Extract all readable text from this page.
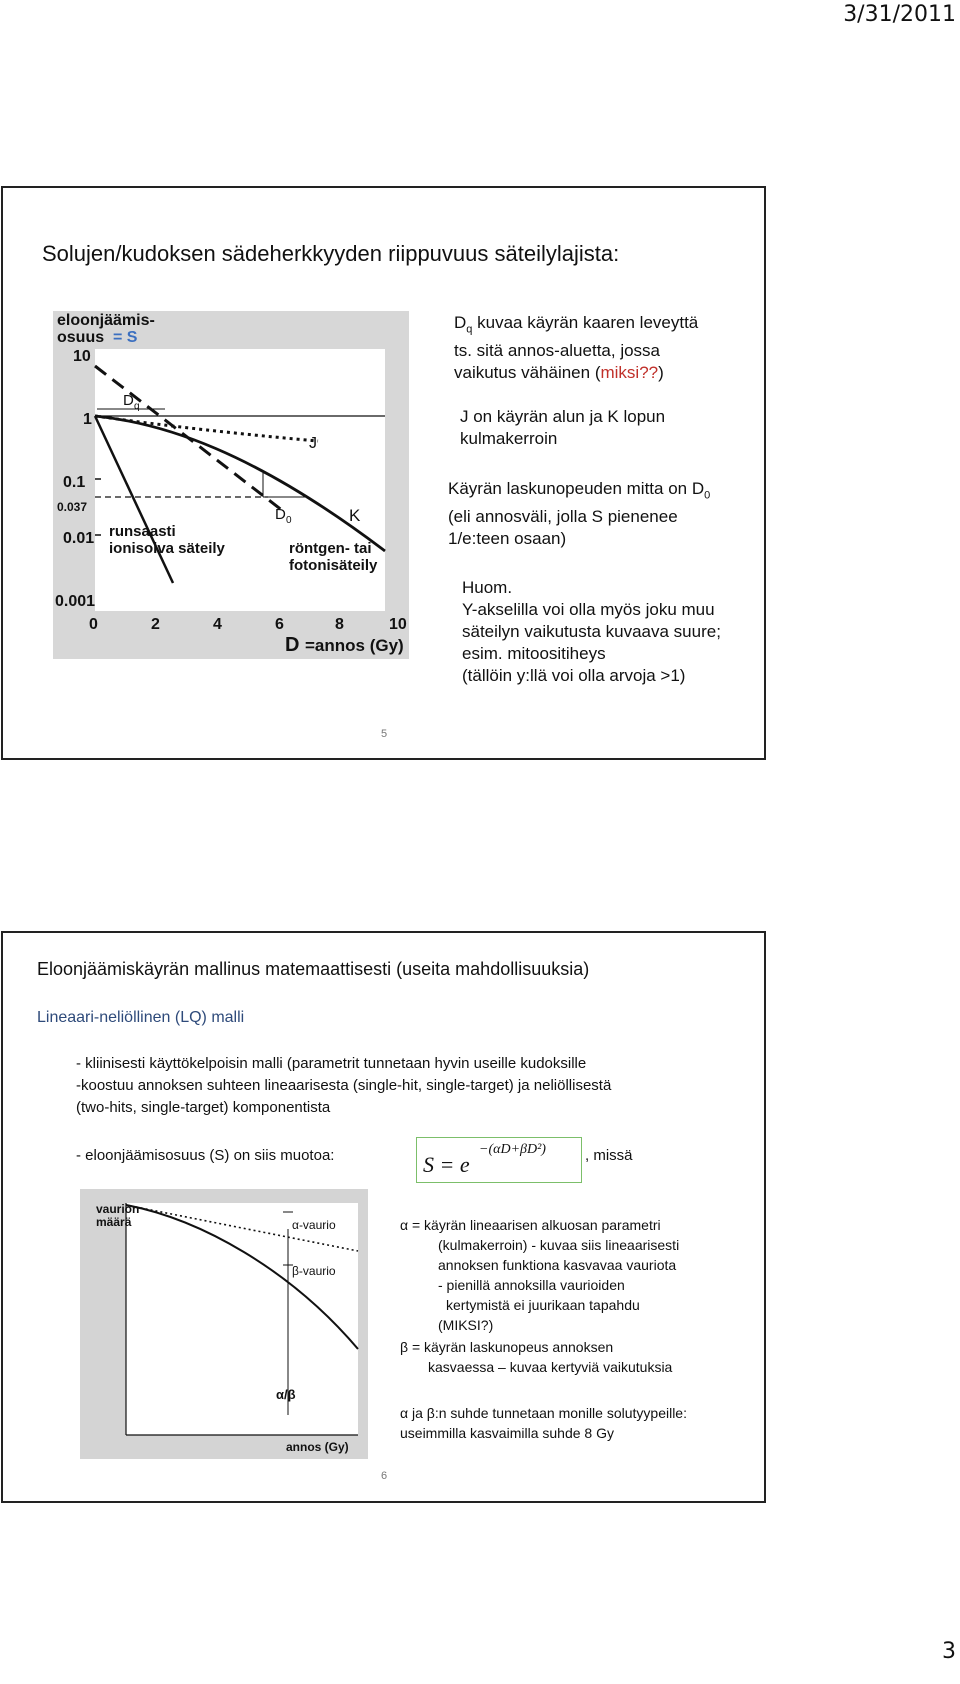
3/31/2011
3
Solujen/kudoksen sädeherkkyyden riippuvuus säteilylajista:
eloonjäämis-
osuus = S
10
1
0.1
0.037
0.01
0.001
0	2	4	6	8	10
D =annos (Gy)
D q
J
K
D 0
runsaasti
ionisoiva säteily	röntgen- tai
fotonisäteily
$D_q$ kuvaa käyrän kaaren leveyttä
ts. sitä annos-aluetta, jossa
vaikutus vähäinen (miksi??)
J on käyrän alun ja K lopun
kulmakerroin
Käyrän laskunopeuden mitta on $D_0$
(eli annosväli, jolla S pienenee
1/e:teen osaan)
Huom.
Y-akselilla voi olla myös joku muu
säteilyn vaikutusta kuvaava suure;
esim. mitoositiheys
(tällöin y:llä voi olla arvoja >1)
5
Eloonjäämiskäyrän mallinus matemaattisesti (useita mahdollisuuksia)
Lineaari-neliöllinen (LQ) malli
- kliinisesti käyttökelpoisin malli (parametrit tunnetaan hyvin useille kudoksille
-koostuu annoksen suhteen lineaarisesta (single-hit, single-target) ja neliöllisestä
(two-hits, single-target) komponentista
- eloonjäämisosuus (S) on siis muotoa:	S = e
−(αD+βD²)	, missä
vaurion
määrä	α-vaurio
β-vaurio
α/β
annos (Gy)
α = käyrän lineaarisen alkuosan parametri
(kulmakerroin) - kuvaa siis lineaarisesti
annoksen funktiona kasvavaa vauriota
- pienillä annoksilla vaurioiden
kertymistä ei juurikaan tapahdu
(MIKSI?)
β = käyrän laskunopeus annoksen
kasvaessa – kuvaa kertyviä vaikutuksia
α ja β:n suhde tunnetaan monille solutyypeille:
useimmilla kasvaimilla suhde 8 Gy
6
